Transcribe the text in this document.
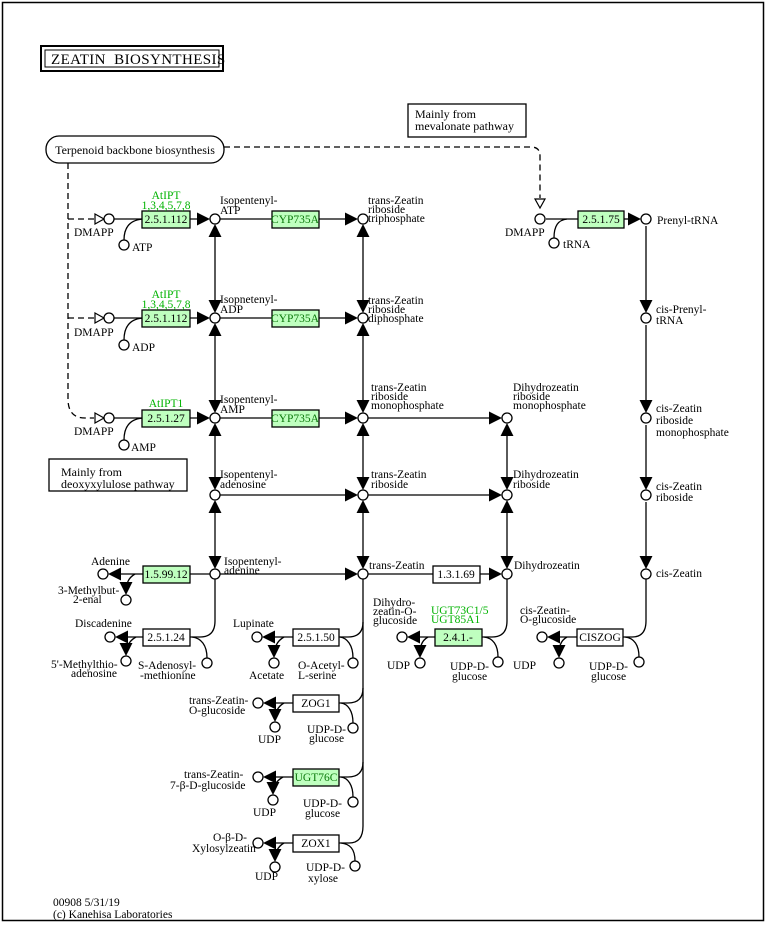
ZEATIN  BIOSYNTHESIS
Terpenoid backbone biosynthesis
Mainly from
mevalonate pathway
Mainly from
deoxyxylulose pathway
2.5.1.112	CYP735A	2.5.1.75
2.5.1.112	CYP735A
2.5.1.27	CYP735A
1.5.99.12	1.3.1.69
2.5.1.24	2.5.1.50	2.4.1.-	CISZOG
ZOG1
UGT76C
ZOX1
AtIPT
1,3,4,5,7,8
AtIPT
1,3,4,5,7,8
AtIPT1
UGT73C1/5
UGT85A1
DMAPP
DMAPP
DMAPP
DMAPP
ATP
ADP
AMP
tRNA
Prenyl-tRNA
cis-Prenyl-
tRNA
Isopentenyl-
ATP
Isopnetenyl-
ADP
Isopentenyl-
AMP
Isopentenyl-
adenosine
Isopentenyl-
adenine
trans-Zeatin
riboside
triphosphate
trans-Zeatin
riboside
diphosphate
trans-Zeatin
riboside
monophosphate
Dihydrozeatin
riboside
monophosphate	cis-Zeatin
riboside
monophosphate
trans-Zeatin
riboside
Dihydrozeatin
riboside	cis-Zeatin
riboside
trans-Zeatin	Dihydrozeatin
cis-Zeatin
Adenine
3-Methylbut-
2-enal
Discadenine
5'-Methylthio-
adenosine
S-Adenosyl-
-methionine
Lupinate
Acetate
O-Acetyl-
L-serine
Dihydro-
zeatin-O-
glucoside
cis-Zeatin-
O-glucoside
UDP	UDP-D-
glucose
UDP	UDP-D-
glucose
trans-Zeatin-
O-glucoside
UDP
UDP-D-
glucose
trans-Zeatin-
7-β-D-glucoside
UDP
UDP-D-
glucose
O-β-D-
Xylosylzeatin
UDP
UDP-D-
xylose
00908 5/31/19
(c) Kanehisa Laboratories
